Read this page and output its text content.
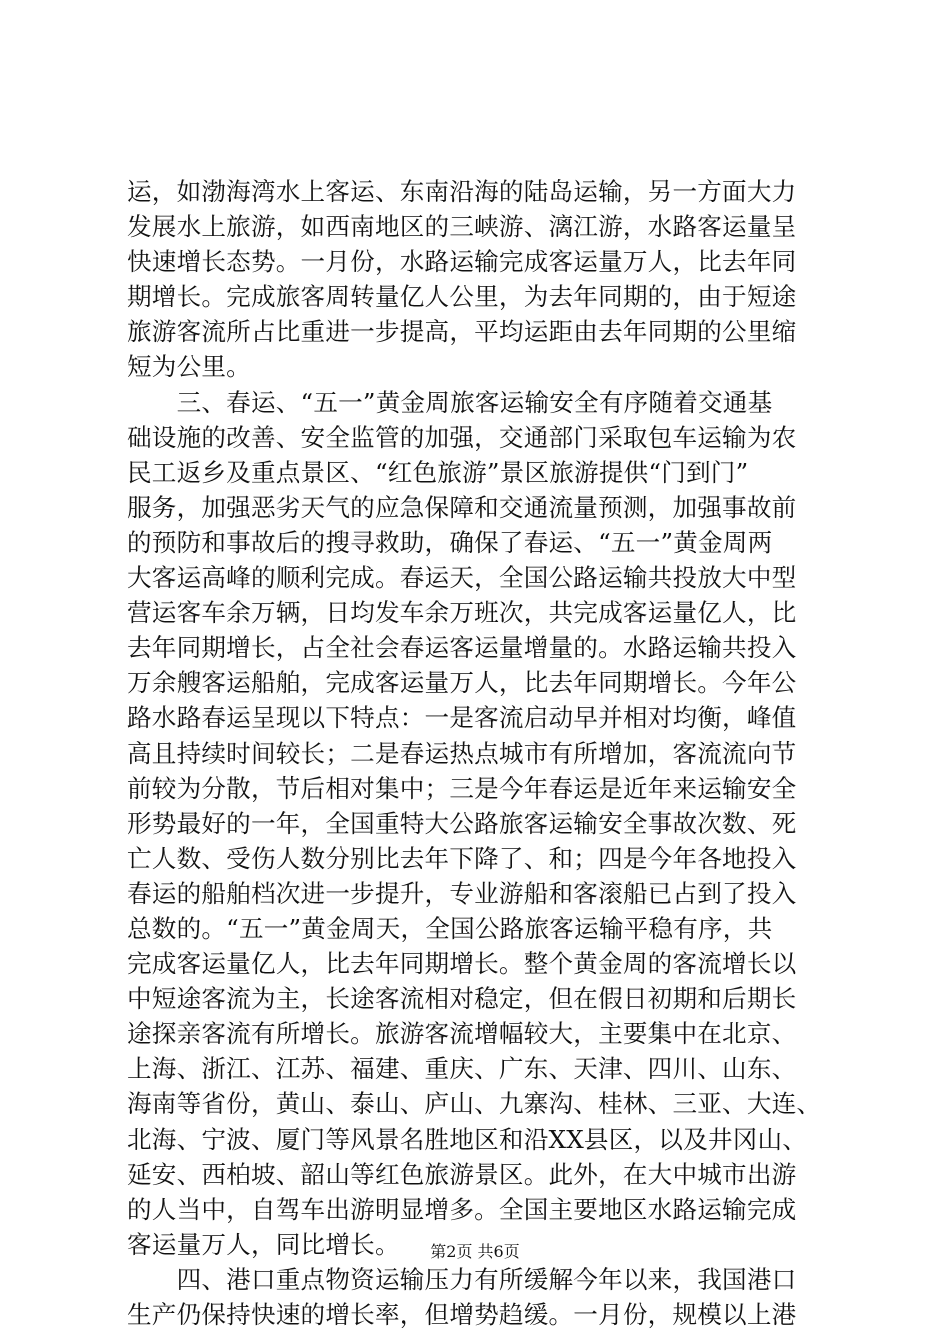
运，如渤海湾水上客运、东南沿海的陆岛运输，另一方面大力
发展水上旅游，如西南地区的三峡游、漓江游，水路客运量呈
快速增长态势。一月份，水路运输完成客运量万人，比去年同
期增长。完成旅客周转量亿人公里，为去年同期的，由于短途
旅游客流所占比重进一步提高，平均运距由去年同期的公里缩
短为公里。

　　三、春运、“五一”黄金周旅客运输安全有序随着交通基
础设施的改善、安全监管的加强，交通部门采取包车运输为农
民工返乡及重点景区、“红色旅游”景区旅游提供“门到门”
服务，加强恶劣天气的应急保障和交通流量预测，加强事故前
的预防和事故后的搜寻救助，确保了春运、“五一”黄金周两
大客运高峰的顺利完成。春运天，全国公路运输共投放大中型
营运客车余万辆，日均发车余万班次，共完成客运量亿人，比
去年同期增长，占全社会春运客运量增量的。水路运输共投入
万余艘客运船舶，完成客运量万人，比去年同期增长。今年公
路水路春运呈现以下特点：一是客流启动早并相对均衡，峰值
高且持续时间较长；二是春运热点城市有所增加，客流流向节
前较为分散，节后相对集中；三是今年春运是近年来运输安全
形势最好的一年，全国重特大公路旅客运输安全事故次数、死
亡人数、受伤人数分别比去年下降了、和；四是今年各地投入
春运的船舶档次进一步提升，专业游船和客滚船已占到了投入
总数的。“五一”黄金周天，全国公路旅客运输平稳有序，共
完成客运量亿人，比去年同期增长。整个黄金周的客流增长以
中短途客流为主，长途客流相对稳定，但在假日初期和后期长
途探亲客流有所增长。旅游客流增幅较大，主要集中在北京、
上海、浙江、江苏、福建、重庆、广东、天津、四川、山东、
海南等省份，黄山、泰山、庐山、九寨沟、桂林、三亚、大连、
北海、宁波、厦门等风景名胜地区和沿XX县区，以及井冈山、
延安、西柏坡、韶山等红色旅游景区。此外，在大中城市出游
的人当中，自驾车出游明显增多。全国主要地区水路运输完成
客运量万人，同比增长。

　　四、港口重点物资运输压力有所缓解今年以来，我国港口
生产仍保持快速的增长率，但增势趋缓。一月份，规模以上港

第2页 共6页
